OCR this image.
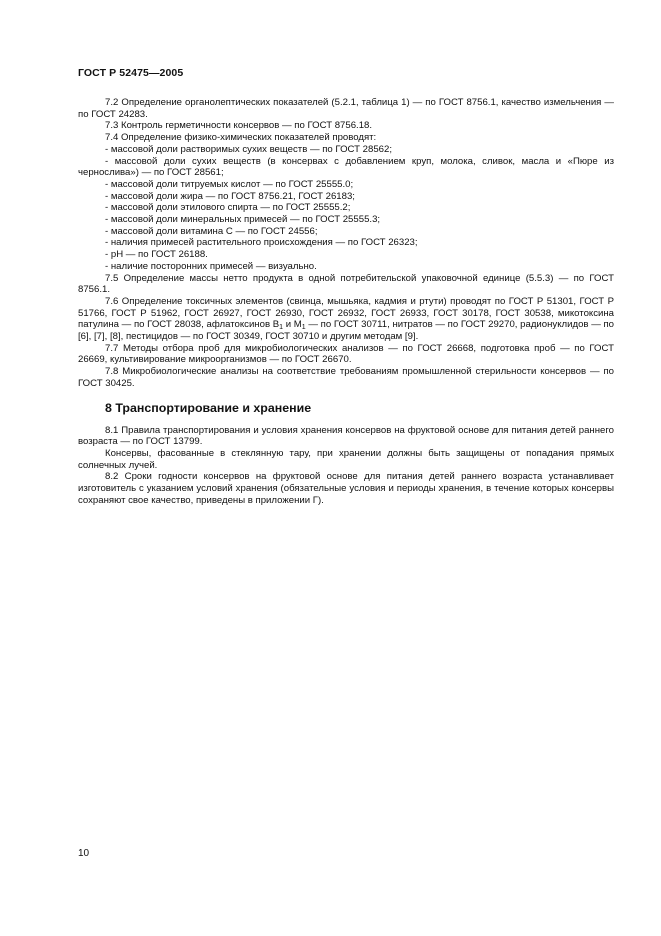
ГОСТ Р 52475—2005

7.2 Определение органолептических показателей (5.2.1, таблица 1) — по ГОСТ 8756.1, качество измельчения — по ГОСТ 24283.

7.3 Контроль герметичности консервов — по ГОСТ 8756.18.

7.4 Определение физико-химических показателей проводят:

- массовой доли растворимых сухих веществ — по ГОСТ 28562;

- массовой доли сухих веществ (в консервах с добавлением круп, молока, сливок, масла и «Пюре из чернослива») — по ГОСТ 28561;

- массовой доли титруемых кислот — по ГОСТ 25555.0;

- массовой доли жира — по ГОСТ 8756.21, ГОСТ 26183;

- массовой доли этилового спирта — по ГОСТ 25555.2;

- массовой доли минеральных примесей — по ГОСТ 25555.3;

- массовой доли витамина С — по ГОСТ 24556;

- наличия примесей растительного происхождения — по ГОСТ 26323;

- рН — по ГОСТ 26188.

- наличие посторонних примесей — визуально.

7.5 Определение массы нетто продукта в одной потребительской упаковочной единице (5.5.3) — по ГОСТ 8756.1.

7.6 Определение токсичных элементов (свинца, мышьяка, кадмия и ртути) проводят по ГОСТ Р 51301, ГОСТ Р 51766, ГОСТ Р 51962, ГОСТ 26927, ГОСТ 26930, ГОСТ 26932, ГОСТ 26933, ГОСТ 30178, ГОСТ 30538, микотоксина патулина — по ГОСТ 28038, афлатоксинов $В_1$ и $М_1$ — по ГОСТ 30711, нитратов — по ГОСТ 29270, радионуклидов — по [6], [7], [8], пестицидов — по ГОСТ 30349, ГОСТ 30710 и другим методам [9].

7.7 Методы отбора проб для микробиологических анализов — по ГОСТ 26668, подготовка проб — по ГОСТ 26669, культивирование микроорганизмов — по ГОСТ 26670.

7.8 Микробиологические анализы на соответствие требованиям промышленной стерильности консервов — по ГОСТ 30425.

8 Транспортирование и хранение

8.1 Правила транспортирования и условия хранения консервов на фруктовой основе для питания детей раннего возраста — по ГОСТ 13799.

Консервы, фасованные в стеклянную тару, при хранении должны быть защищены от попадания прямых солнечных лучей.

8.2 Сроки годности консервов на фруктовой основе для питания детей раннего возраста устанавливает изготовитель с указанием условий хранения (обязательные условия и периоды хранения, в течение которых консервы сохраняют свое качество, приведены в приложении Г).

10
